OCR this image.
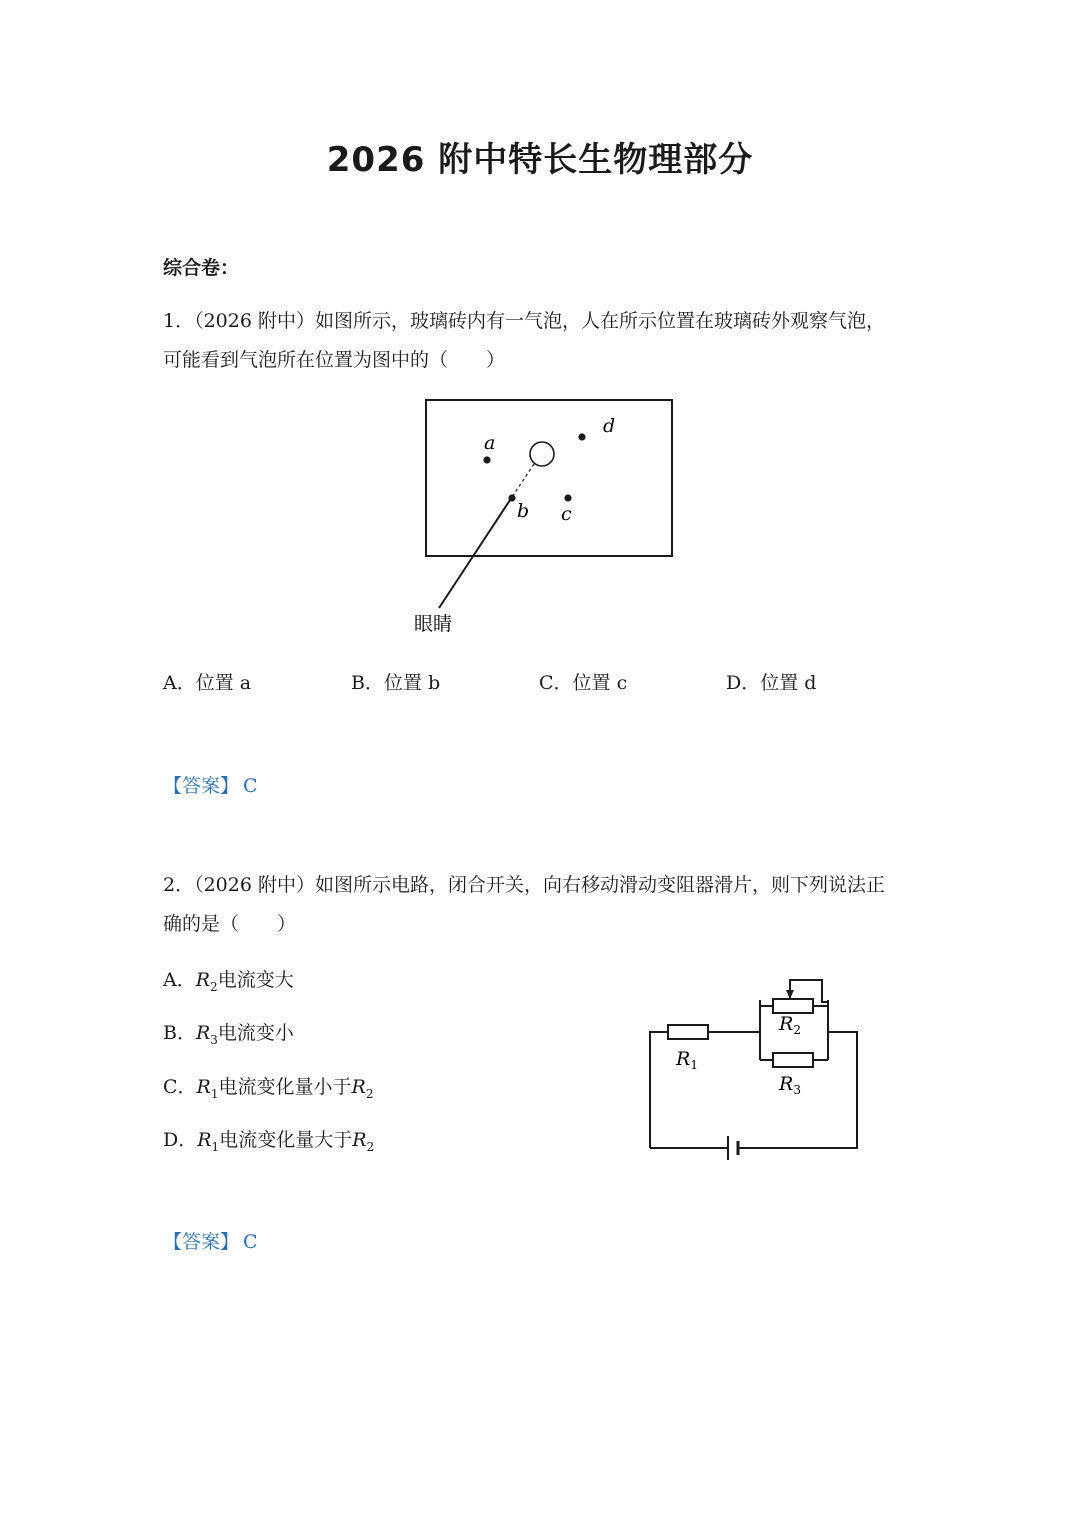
2026 附中特长生物理部分
综合卷：
1．（2026 附中）如图所示，玻璃砖内有一气泡，人在所示位置在玻璃砖外观察气泡，
可能看到气泡所在位置为图中的（　　）
a
b c
d
眼睛
A．位置 a	B．位置 b	C．位置 c	D．位置 d
【答案】 C
2．（2026 附中）如图所示电路，闭合开关，向右移动滑动变阻器滑片，则下列说法正
确的是（　　）
A．$R_2$电流变大
B．$R_3$电流变小
C．$R_1$电流变化量小于$R_2$
D．$R_1$电流变化量大于$R_2$
$R_1$
$R_2$
$R_3$
【答案】 C
